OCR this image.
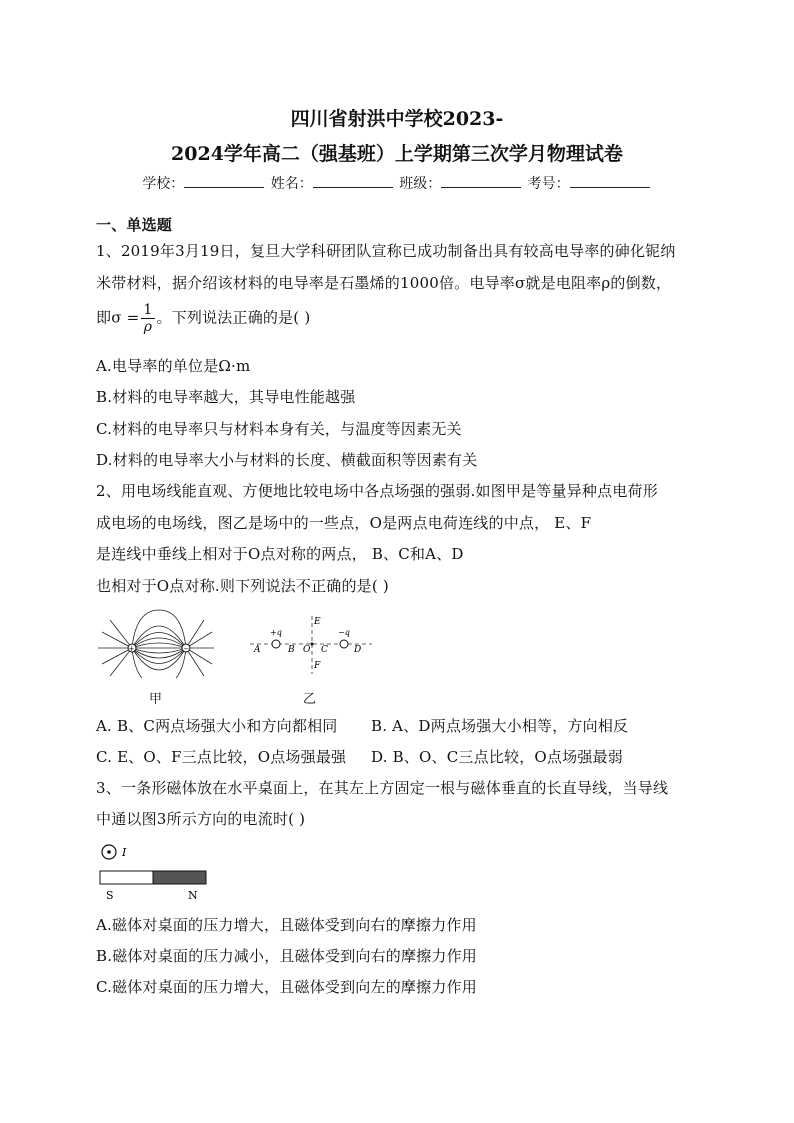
四川省射洪中学校2023-
2024学年高二（强基班）上学期第三次学月物理试卷
学校：	姓名：	班级：	考号：
一、单选题
1、2019年3月19日，复旦大学科研团队宣称已成功制备出具有较高电导率的砷化铌纳
米带材料，据介绍该材料的电导率是石墨烯的1000倍。电导率σ就是电阻率ρ的倒数，
即$\sigma = \frac{1}{\rho}$ 。下列说法正确的是( )
A.电导率的单位是Ω·m
B.材料的电导率越大，其导电性能越强
C.材料的电导率只与材料本身有关，与温度等因素无关
D.材料的电导率大小与材料的长度、横截面积等因素有关
2、用电场线能直观、方便地比较电场中各点场强的强弱.如图甲是等量异种点电荷形
成电场的电场线，图乙是场中的一些点，O是两点电荷连线的中点， E、F
是连线中垂线上相对于O点对称的两点， B、C和A、D
也相对于O点对称.则下列说法不正确的是( )
+	−
甲
+q	−q
A	B O C	D
E
F
乙
A. B、C两点场强大小和方向都相同 B. A、D两点场强大小相等，方向相反
C. E、O、F三点比较，O点场强最强 D. B、O、C三点比较，O点场强最弱
3、一条形磁体放在水平桌面上，在其左上方固定一根与磁体垂直的长直导线，当导线
中通以图3所示方向的电流时( )
I
S	N
A.磁体对桌面的压力增大，且磁体受到向右的摩擦力作用
B.磁体对桌面的压力减小，且磁体受到向右的摩擦力作用
C.磁体对桌面的压力增大，且磁体受到向左的摩擦力作用
